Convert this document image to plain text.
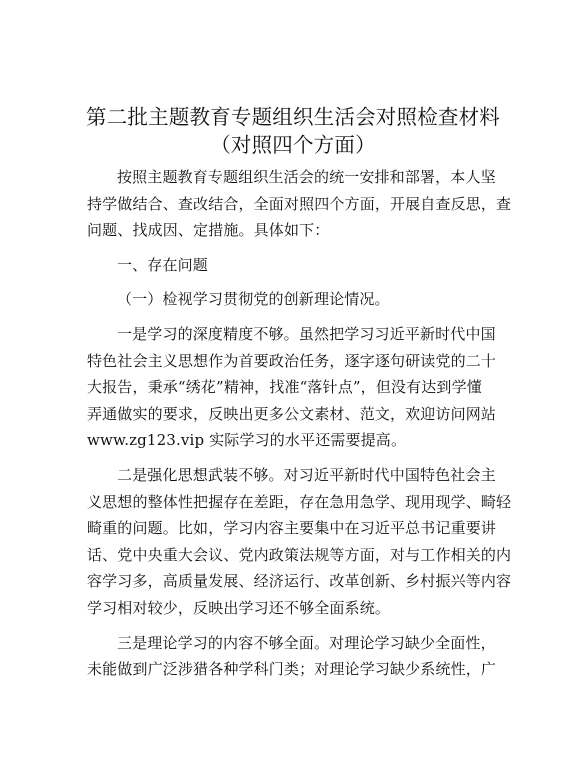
第二批主题教育专题组织生活会对照检查材料
（对照四个方面）
按照主题教育专题组织生活会的统一安排和部署，本人坚
持学做结合、查改结合，全面对照四个方面，开展自查反思，查
问题、找成因、定措施。具体如下：
一、存在问题
（一）检视学习贯彻党的创新理论情况。
一是学习的深度精度不够。虽然把学习习近平新时代中国
特色社会主义思想作为首要政治任务，逐字逐句研读党的二十
大报告，秉承“绣花”精神，找准“落针点”，但没有达到学懂
弄通做实的要求，反映出更多公文素材、范文，欢迎访问网站
www.zg123.vip 实际学习的水平还需要提高。
二是强化思想武装不够。对习近平新时代中国特色社会主
义思想的整体性把握存在差距，存在急用急学、现用现学、畸轻
畸重的问题。比如，学习内容主要集中在习近平总书记重要讲
话、党中央重大会议、党内政策法规等方面，对与工作相关的内
容学习多，高质量发展、经济运行、改革创新、乡村振兴等内容
学习相对较少，反映出学习还不够全面系统。
三是理论学习的内容不够全面。对理论学习缺少全面性，
未能做到广泛涉猎各种学科门类；对理论学习缺少系统性，广
